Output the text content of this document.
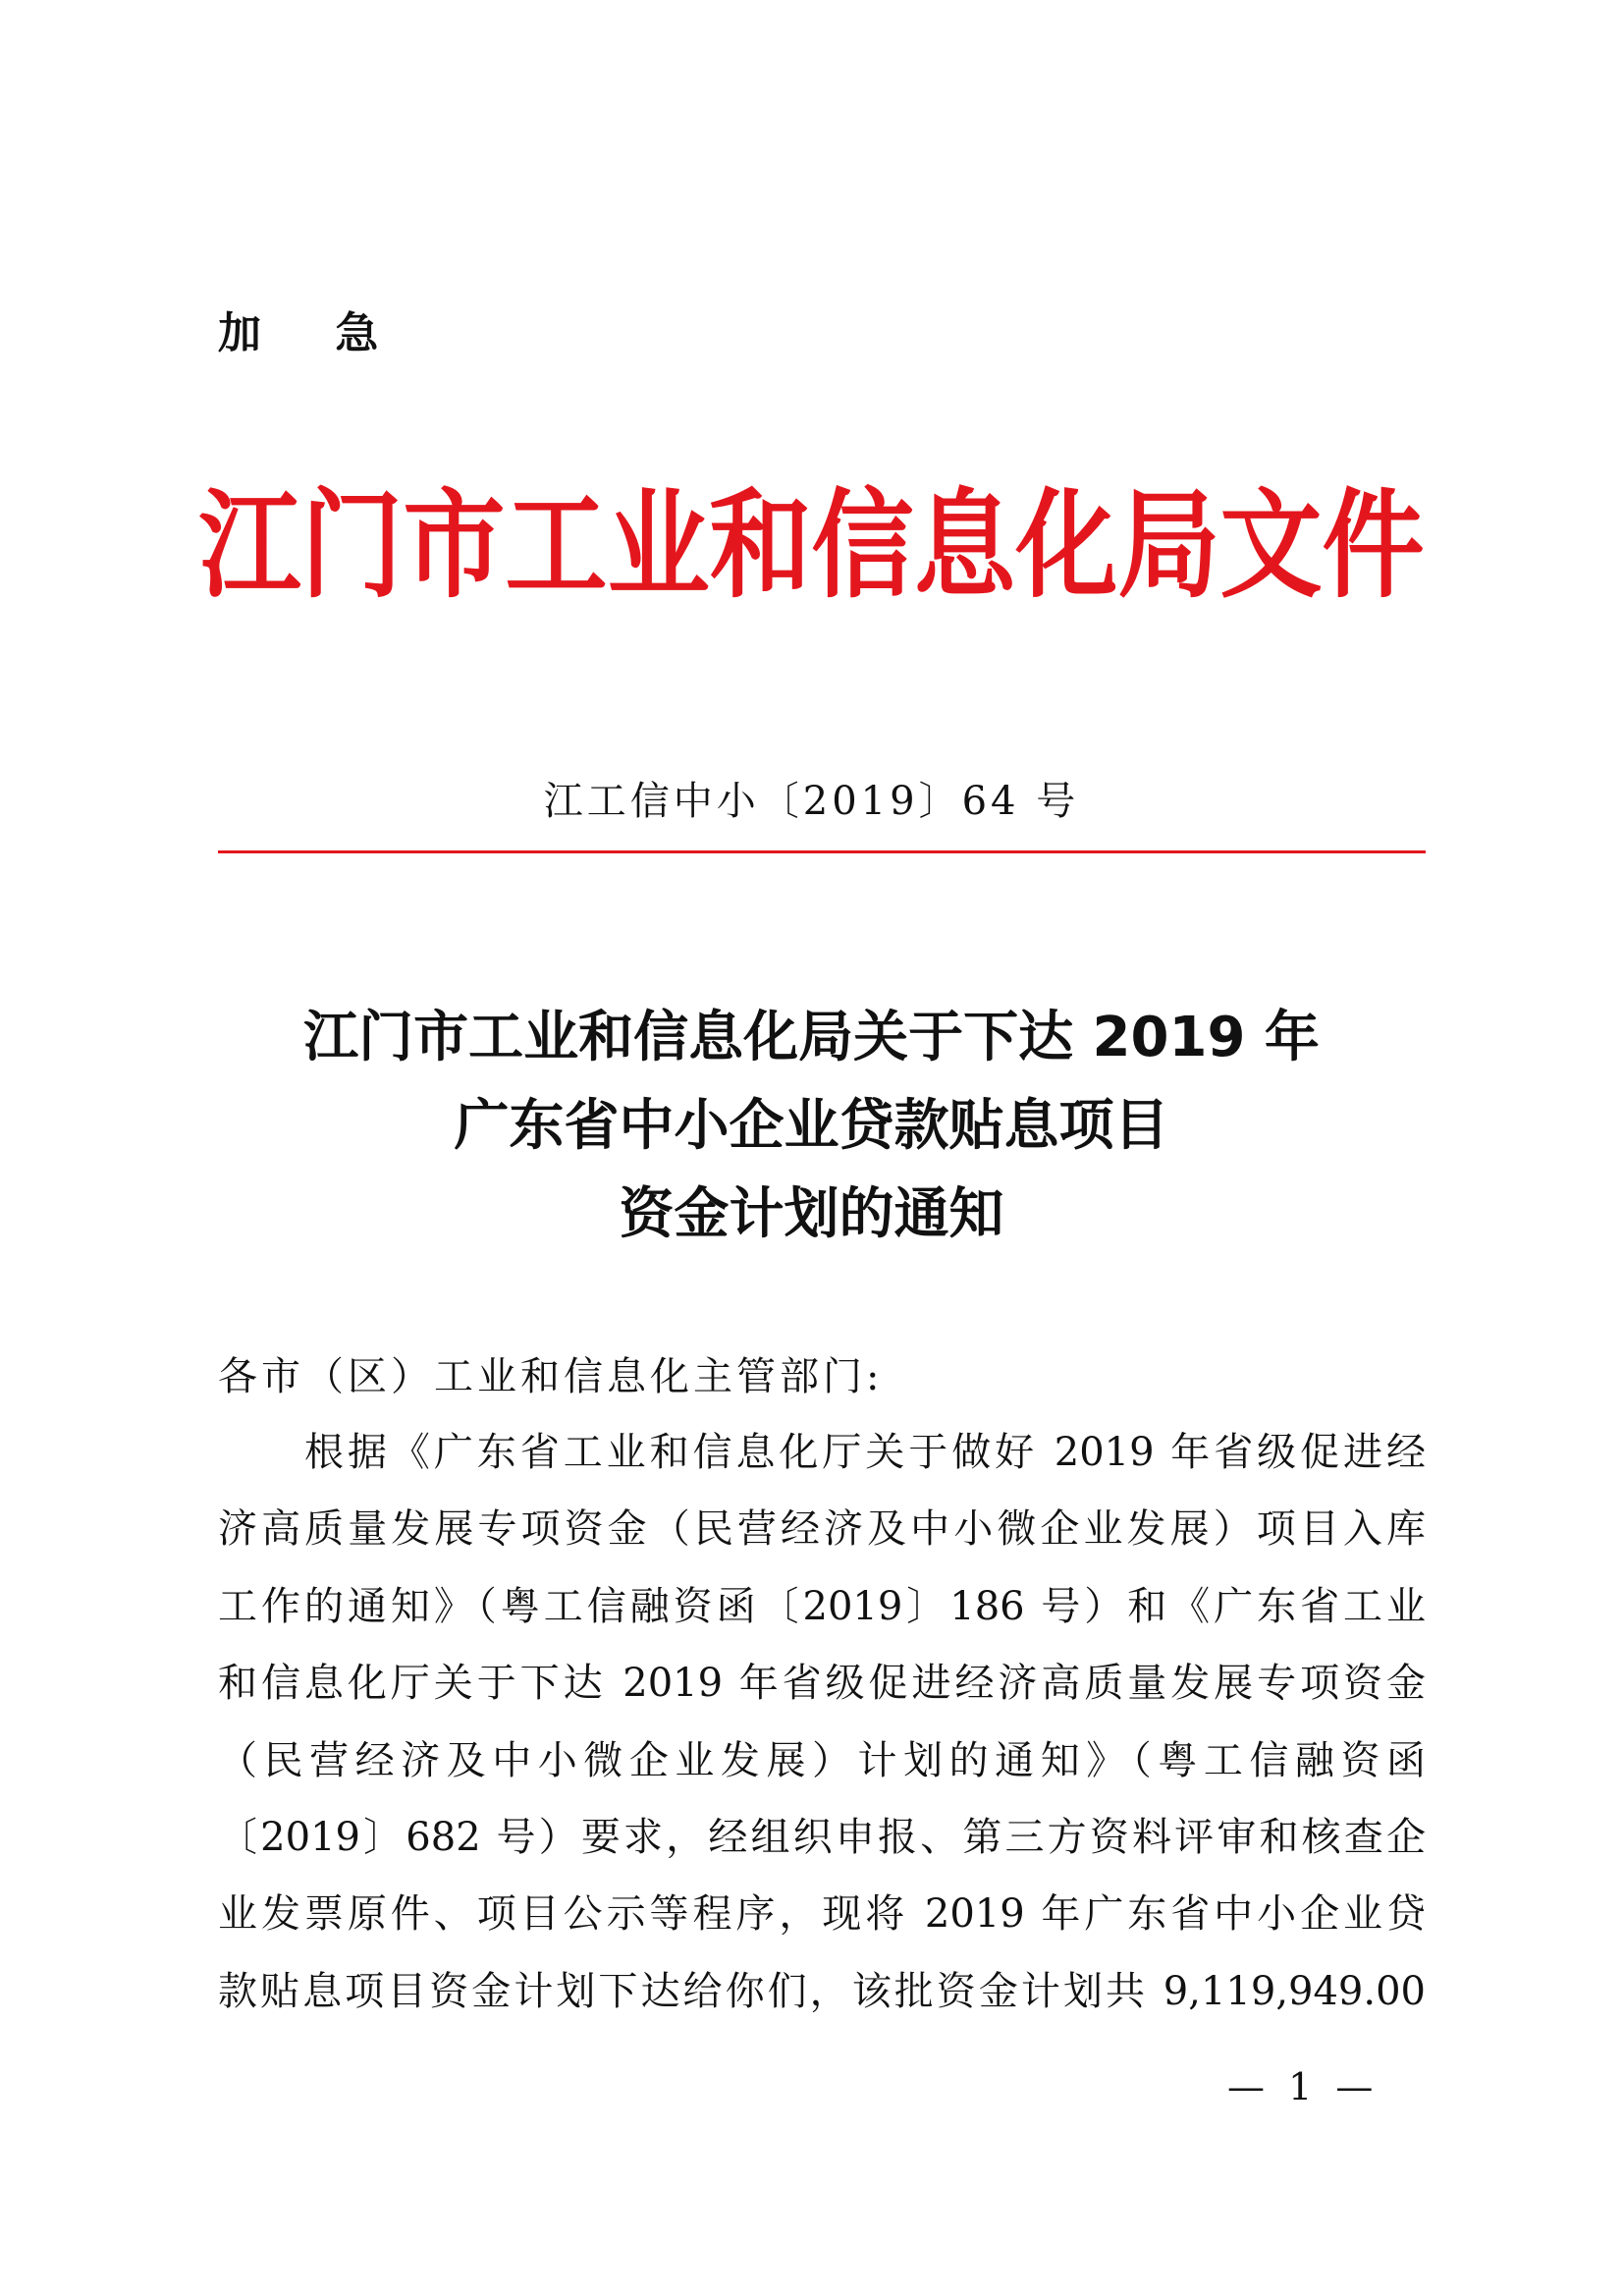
加 急
江门市工业和信息化局文件
江工信中小〔2019〕64 号
江门市工业和信息化局关于下达 2019 年
广东省中小企业贷款贴息项目
资金计划的通知
各市（区）工业和信息化主管部门:
根据《广东省工业和信息化厅关于做好 2019 年省级促进经
济高质量发展专项资金（民营经济及中小微企业发展）项目入库
工作的通知》（粤工信融资函〔2019〕186 号）和《广东省工业
和信息化厅关于下达 2019 年省级促进经济高质量发展专项资金
（民营经济及中小微企业发展）计划的通知》（粤工信融资函
〔2019〕682 号）要求，经组织申报、第三方资料评审和核查企
业发票原件、项目公示等程序，现将 2019 年广东省中小企业贷
款贴息项目资金计划下达给你们，该批资金计划共 9,119,949.00
— 1 —
